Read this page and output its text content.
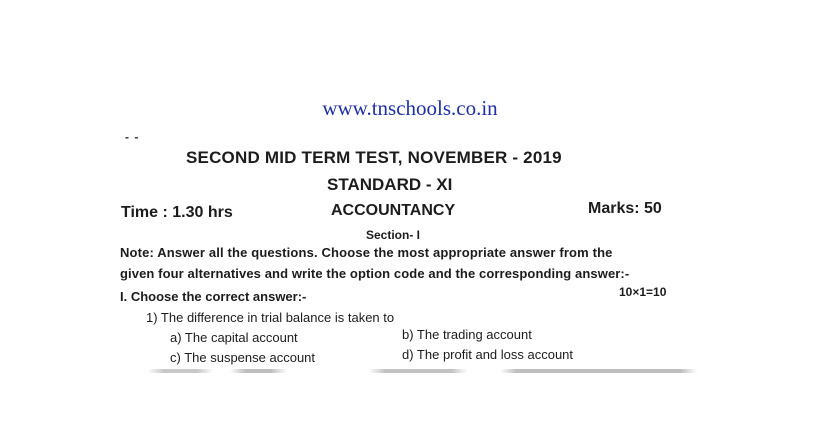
www.tnschools.co.in
- -
SECOND MID TERM TEST, NOVEMBER - 2019
STANDARD - XI
Time : 1.30 hrs	ACCOUNTANCY	Marks: 50
Section- I
Note: Answer all the questions. Choose the most appropriate answer from the
given four alternatives and write the option code and the corresponding answer:-
I. Choose the correct answer:-	10×1=10
1) The difference in trial balance is taken to
a) The capital account	b) The trading account
c) The suspense account	d) The profit and loss account
